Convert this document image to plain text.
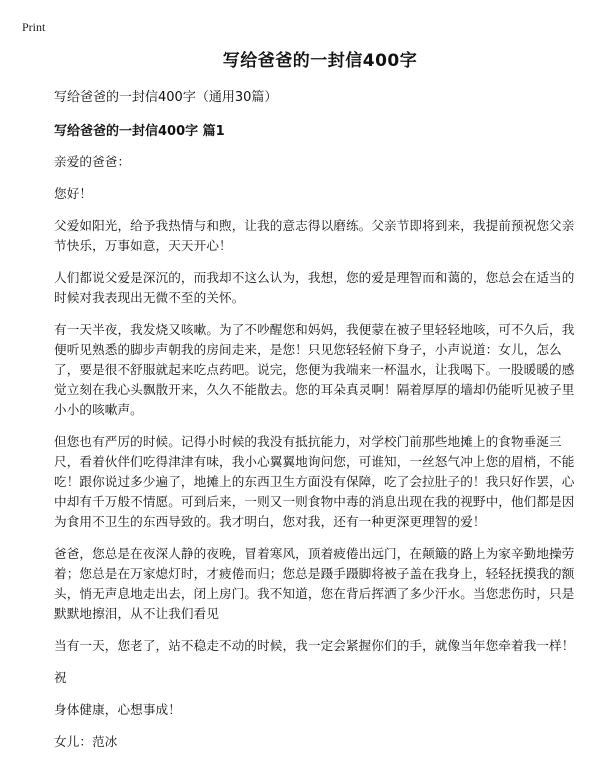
Print
写给爸爸的一封信400字
写给爸爸的一封信400字（通用30篇）
写给爸爸的一封信400字 篇1

亲爱的爸爸：

您好！

父爱如阳光，给予我热情与和煦，让我的意志得以磨练。父亲节即将到来，我提前预祝您父亲节快乐，万事如意，天天开心！

人们都说父爱是深沉的，而我却不这么认为，我想，您的爱是理智而和蔼的，您总会在适当的时候对我表现出无微不至的关怀。

有一天半夜，我发烧又咳嗽。为了不吵醒您和妈妈，我便蒙在被子里轻轻地咳，可不久后，我便听见熟悉的脚步声朝我的房间走来，是您！只见您轻轻俯下身子，小声说道：女儿，怎么了，要是很不舒服就起来吃点药吧。说完，您便为我端来一杯温水，让我喝下。一股暖暖的感觉立刻在我心头飘散开来，久久不能散去。您的耳朵真灵啊！隔着厚厚的墙却仍能听见被子里小小的咳嗽声。

但您也有严厉的时候。记得小时候的我没有抵抗能力，对学校门前那些地摊上的食物垂涎三尺，看着伙伴们吃得津津有味，我小心翼翼地询问您，可谁知，一丝怒气冲上您的眉梢，不能吃！跟你说过多少遍了，地摊上的东西卫生方面没有保障，吃了会拉肚子的！我只好作罢，心中却有千万般不情愿。可到后来，一则又一则食物中毒的消息出现在我的视野中，他们都是因为食用不卫生的东西导致的。我才明白，您对我，还有一种更深更理智的爱！

爸爸，您总是在夜深人静的夜晚，冒着寒风，顶着疲倦出远门，在颠簸的路上为家辛勤地操劳着；您总是在万家熄灯时，才疲倦而归；您总是蹑手蹑脚将被子盖在我身上，轻轻抚摸我的额头，悄无声息地走出去，闭上房门。我不知道，您在背后挥洒了多少汗水。当您悲伤时，只是默默地擦泪，从不让我们看见

当有一天，您老了，站不稳走不动的时候，我一定会紧握你们的手，就像当年您牵着我一样！

祝

身体健康，心想事成！

女儿：范冰
